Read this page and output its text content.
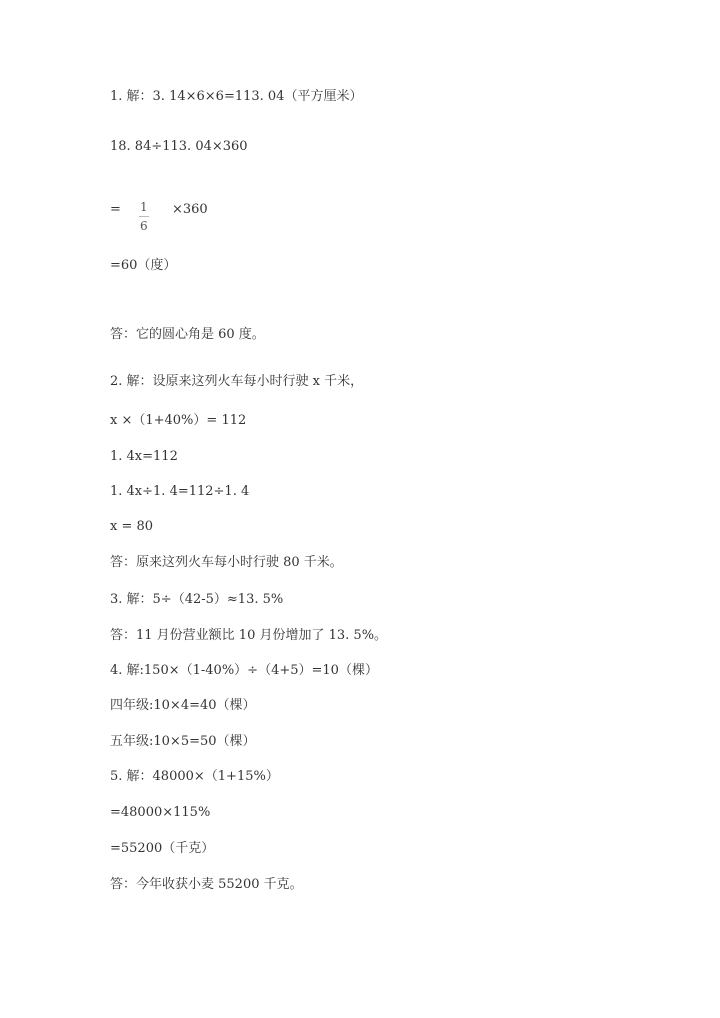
1. 解：3. 14×6×6=113. 04（平方厘米）
18. 84÷113. 04×360
= 1
6
×360
=60（度）
答：它的圆心角是 60 度。
2. 解：设原来这列火车每小时行驶 x 千米，
x ×（1+40%）= 112
1. 4x=112
1. 4x÷1. 4=112÷1. 4
x = 80
答：原来这列火车每小时行驶 80 千米。
3. 解：5÷（42-5）≈13. 5%
答：11 月份营业额比 10 月份增加了 13. 5%。
4. 解:150×（1-40%）÷（4+5）=10（棵）
四年级:10×4=40（棵）
五年级:10×5=50（棵）
5. 解：48000×（1+15%）
=48000×115%
=55200（千克）
答：今年收获小麦 55200 千克。
